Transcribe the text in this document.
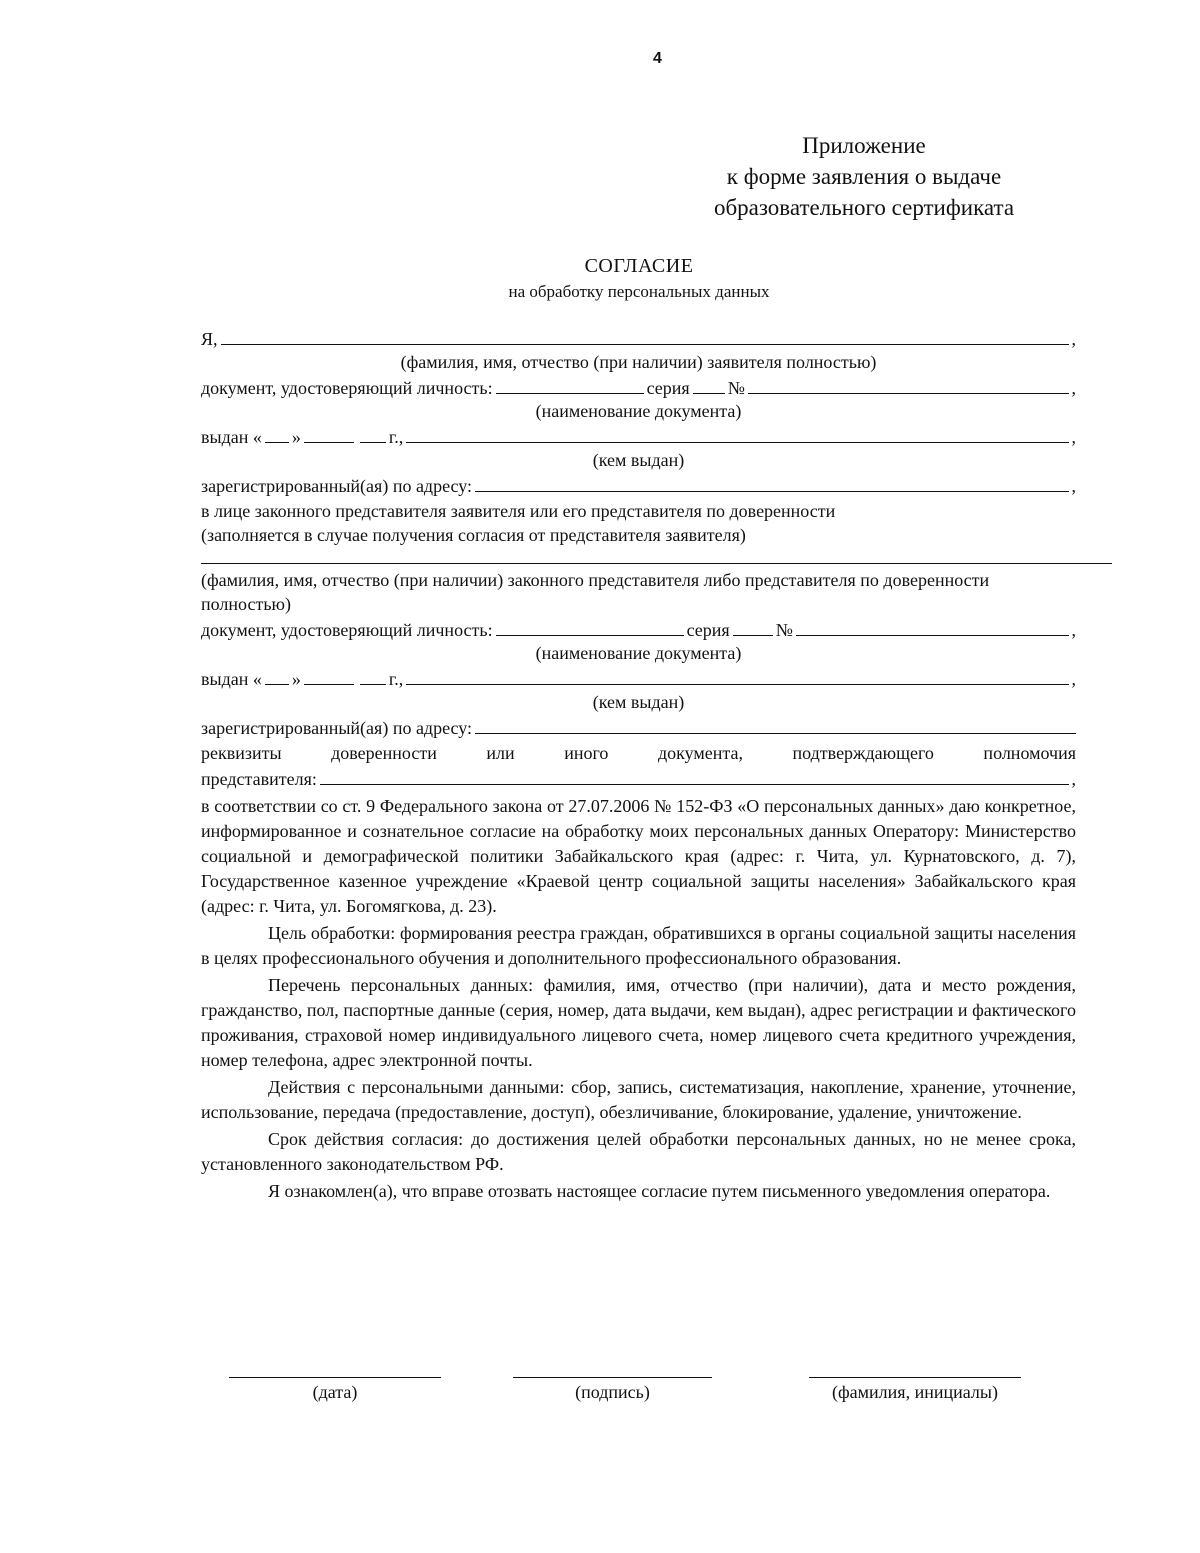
4
Приложение
к форме заявления о выдаче
образовательного сертификата
СОГЛАСИЕ
на обработку персональных данных
Я,	,
(фамилия, имя, отчество (при наличии) заявителя полностью)
документ, удостоверяющий личность:	серия №	,
(наименование документа)
выдан « »	г.,	,
(кем выдан)
зарегистрированный(ая) по адресу:	,
в лице законного представителя заявителя или его представителя по доверенности
(заполняется в случае получения согласия от представителя заявителя)
(фамилия, имя, отчество (при наличии) законного представителя либо представителя по доверенности полностью)
документ, удостоверяющий личность:	серия	№	,
(наименование документа)
выдан « »	г.,	,
(кем выдан)
зарегистрированный(ая) по адресу:
реквизиты доверенности или иного документа, подтверждающего полномочия
представителя:	,
в соответствии со ст. 9 Федерального закона от 27.07.2006 № 152-ФЗ «О персональных данных» даю конкретное, информированное и сознательное согласие на обработку моих персональных данных Оператору: Министерство социальной и демографической политики Забайкальского края (адрес: г. Чита, ул. Курнатовского, д. 7), Государственное казенное учреждение «Краевой центр социальной защиты населения» Забайкальского края (адрес: г. Чита, ул. Богомягкова, д. 23).
Цель обработки: формирования реестра граждан, обратившихся в органы социальной защиты населения в целях профессионального обучения и дополнительного профессионального образования.
Перечень персональных данных: фамилия, имя, отчество (при наличии), дата и место рождения, гражданство, пол, паспортные данные (серия, номер, дата выдачи, кем выдан), адрес регистрации и фактического проживания, страховой номер индивидуального лицевого счета, номер лицевого счета кредитного учреждения, номер телефона, адрес электронной почты.
Действия с персональными данными: сбор, запись, систематизация, накопление, хранение, уточнение, использование, передача (предоставление, доступ), обезличивание, блокирование, удаление, уничтожение.
Срок действия согласия: до достижения целей обработки персональных данных, но не менее срока, установленного законодательством РФ.
Я ознакомлен(а), что вправе отозвать настоящее согласие путем письменного уведомления оператора.
(дата)	(подпись)	(фамилия, инициалы)
